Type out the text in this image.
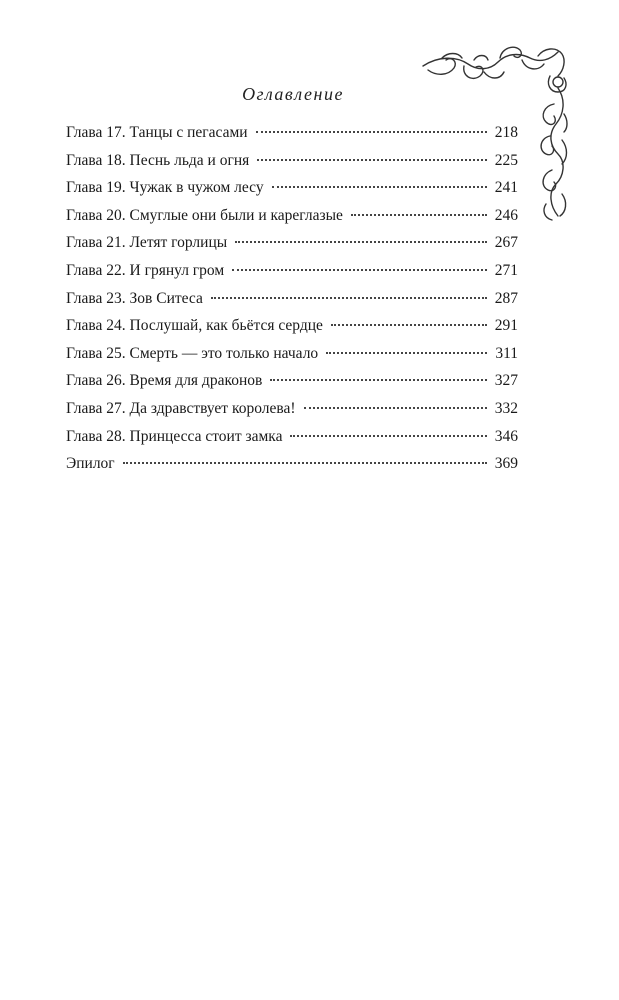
Оглавление
Глава 17. Танцы с пегасами	218
Глава 18. Песнь льда и огня	225
Глава 19. Чужак в чужом лесу	241
Глава 20. Смуглые они были и кареглазые	246
Глава 21. Летят горлицы	267
Глава 22. И грянул гром	271
Глава 23. Зов Ситеса	287
Глава 24. Послушай, как бьётся сердце	291
Глава 25. Смерть — это только начало	311
Глава 26. Время для драконов	327
Глава 27. Да здравствует королева!	332
Глава 28. Принцесса стоит замка	346
Эпилог	369
